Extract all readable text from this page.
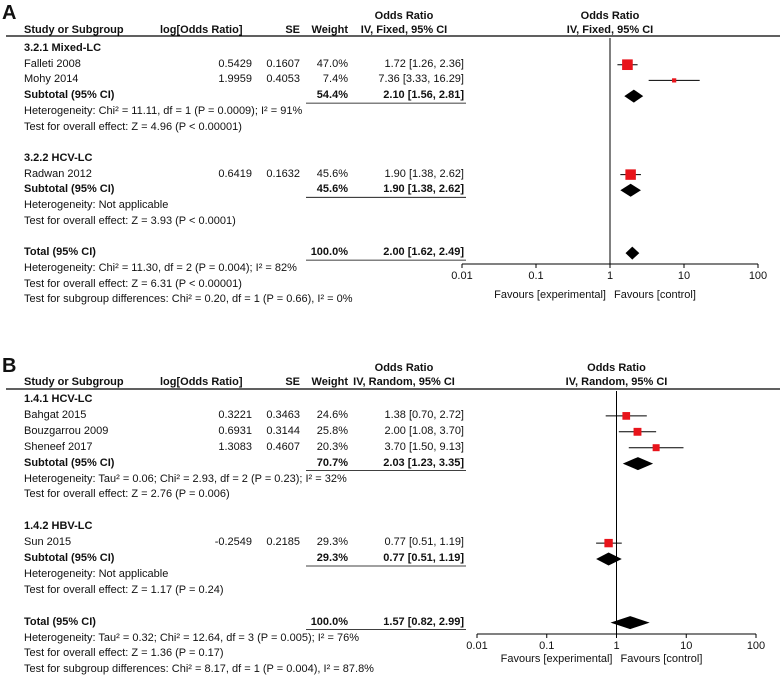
A
Study or Subgroup	log[Odds Ratio]	SE	Weight
Odds Ratio
IV, Fixed, 95% CI
Odds Ratio
IV, Fixed, 95% CI
3.2.1 Mixed-LC
Falleti 2008	0.5429	0.1607	47.0%	1.72 [1.26, 2.36]
Mohy 2014	1.9959	0.4053	7.4%	7.36 [3.33, 16.29]
Subtotal (95% CI)	54.4%	2.10 [1.56, 2.81]
Heterogeneity: Chi² = 11.11, df = 1 (P = 0.0009); I² = 91%
Test for overall effect: Z = 4.96 (P < 0.00001)
3.2.2 HCV-LC
Radwan 2012	0.6419	0.1632	45.6%	1.90 [1.38, 2.62]
Subtotal (95% CI)	45.6%	1.90 [1.38, 2.62]
Heterogeneity: Not applicable
Test for overall effect: Z = 3.93 (P < 0.0001)
Total (95% CI)	100.0%	2.00 [1.62, 2.49]
Heterogeneity: Chi² = 11.30, df = 2 (P = 0.004); I² = 82%
Test for overall effect: Z = 6.31 (P < 0.00001)
Test for subgroup differences: Chi² = 0.20, df = 1 (P = 0.66), I² = 0%
0.01	0.1	1	10	100
Favours [experimental] Favours [control]
B
Study or Subgroup	log[Odds Ratio]	SE	Weight
Odds Ratio
IV, Random, 95% CI
Odds Ratio
IV, Random, 95% CI
1.4.1 HCV-LC
Bahgat 2015	0.3221	0.3463	24.6%	1.38 [0.70, 2.72]
Bouzgarrou 2009	0.6931	0.3144	25.8%	2.00 [1.08, 3.70]
Sheneef 2017	1.3083	0.4607	20.3%	3.70 [1.50, 9.13]
Subtotal (95% CI)	70.7%	2.03 [1.23, 3.35]
Heterogeneity: Tau² = 0.06; Chi² = 2.93, df = 2 (P = 0.23); I² = 32%
Test for overall effect: Z = 2.76 (P = 0.006)
1.4.2 HBV-LC
Sun 2015	-0.2549	0.2185	29.3%	0.77 [0.51, 1.19]
Subtotal (95% CI)	29.3%	0.77 [0.51, 1.19]
Heterogeneity: Not applicable
Test for overall effect: Z = 1.17 (P = 0.24)
Total (95% CI)	100.0%	1.57 [0.82, 2.99]
Heterogeneity: Tau² = 0.32; Chi² = 12.64, df = 3 (P = 0.005); I² = 76%
Test for overall effect: Z = 1.36 (P = 0.17)
Test for subgroup differences: Chi² = 8.17, df = 1 (P = 0.004), I² = 87.8%
0.01	0.1	1	10	100
Favours [experimental] Favours [control]
